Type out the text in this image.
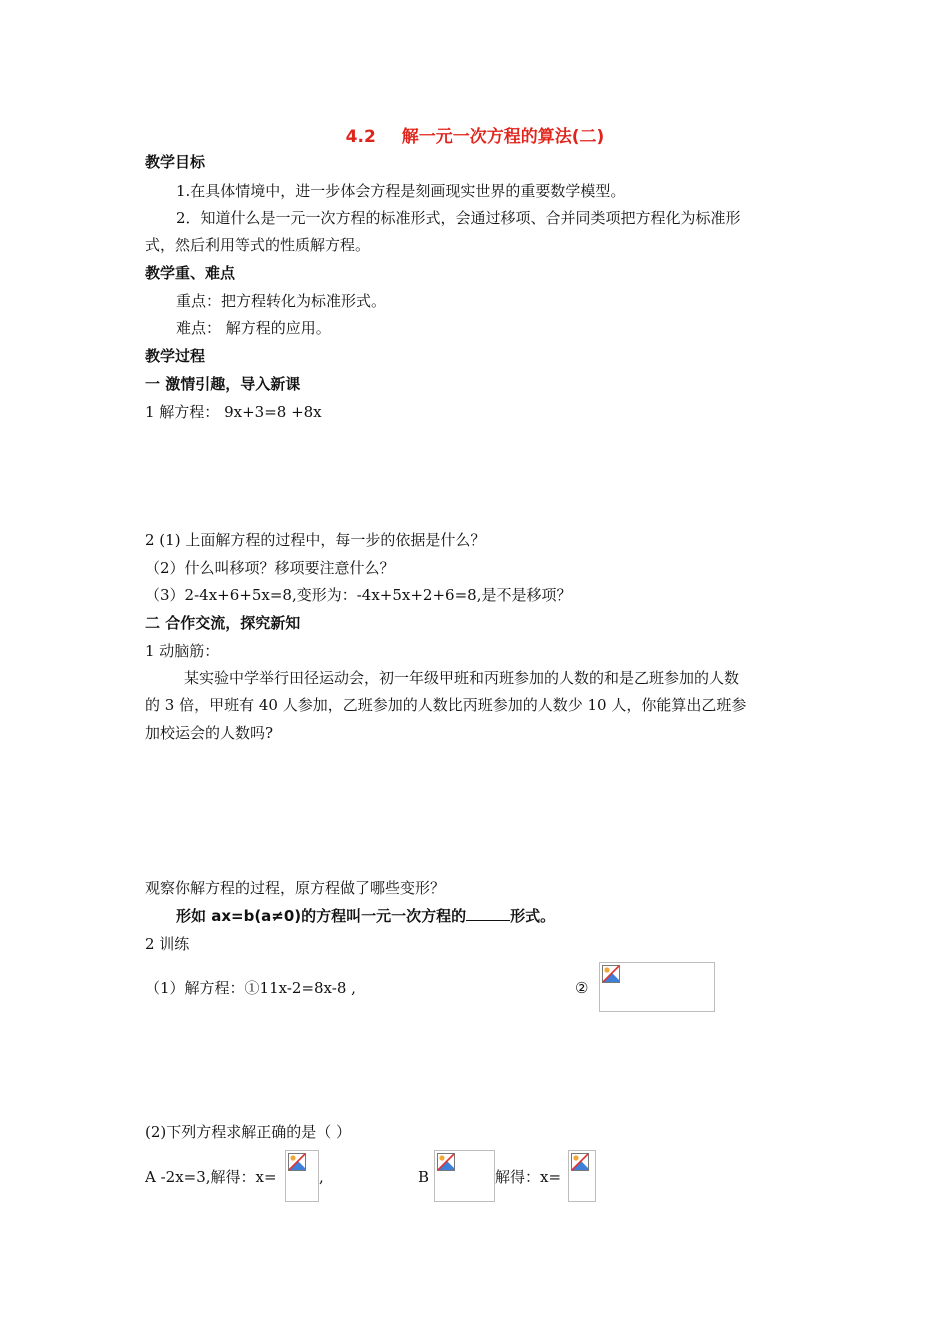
4.2 解一元一次方程的算法(二)
教学目标
1.在具体情境中，进一步体会方程是刻画现实世界的重要数学模型。
2．知道什么是一元一次方程的标准形式，会通过移项、合并同类项把方程化为标准形
式，然后利用等式的性质解方程。
教学重、难点
重点：把方程转化为标准形式。
难点： 解方程的应用。
教学过程
一 激情引趣，导入新课
1 解方程： 9x+3=8 +8x
2 (1) 上面解方程的过程中，每一步的依据是什么？
（2）什么叫移项？移项要注意什么？
（3）2-4x+6+5x=8,变形为：-4x+5x+2+6=8,是不是移项？
二 合作交流，探究新知
1 动脑筋：
某实验中学举行田径运动会，初一年级甲班和丙班参加的人数的和是乙班参加的人数
的 3 倍，甲班有 40 人参加，乙班参加的人数比丙班参加的人数少 10 人，你能算出乙班参
加校运会的人数吗?
观察你解方程的过程，原方程做了哪些变形？
形如 ax=b(a≠0)的方程叫一元一次方程的	形式。
2 训练
（1）解方程：①11x-2=8x-8 ,	②
(2)下列方程求解正确的是（ ）
A -2x=3,解得：x=	,	B	解得：x=
